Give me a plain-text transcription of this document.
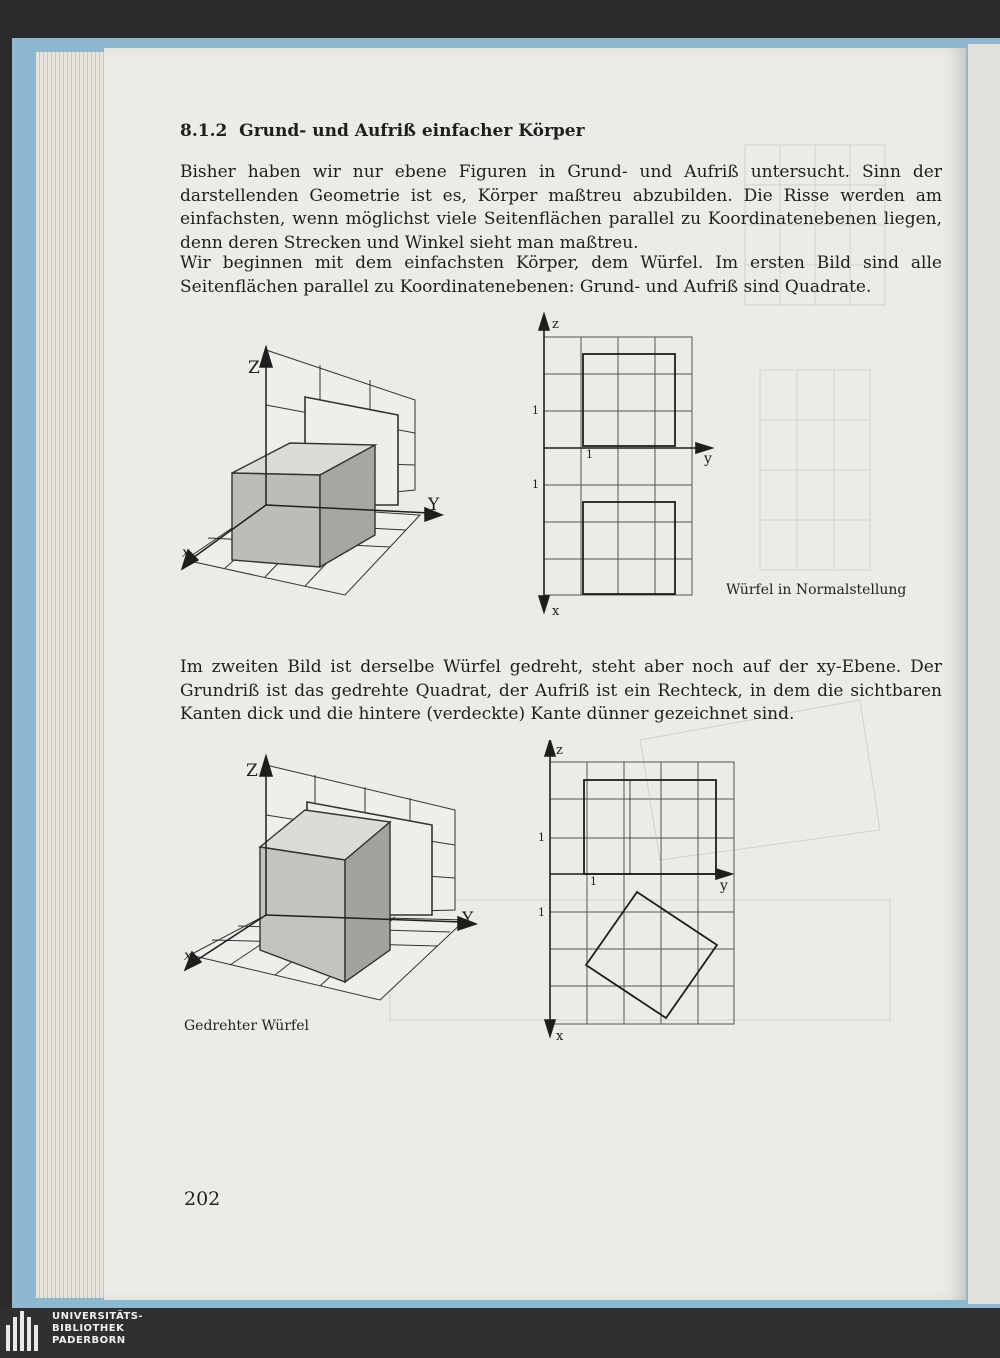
8.1.2 Grund- und Aufriß einfacher Körper

Bisher haben wir nur ebene Figuren in Grund- und Aufriß untersucht. Sinn der darstellenden Geometrie ist es, Körper maßtreu abzubilden. Die Risse werden am einfachsten, wenn möglichst viele Seitenflächen parallel zu Koordinatenebenen liegen, denn deren Strecken und Winkel sieht man maßtreu.

Wir beginnen mit dem einfachsten Körper, dem Würfel. Im ersten Bild sind alle Seitenflächen parallel zu Koordinatenebenen: Grund- und Aufriß sind Quadrate.

Z
Y
x
z
y
x
1
1
1
Würfel in Normalstellung

Im zweiten Bild ist derselbe Würfel gedreht, steht aber noch auf der xy-Ebene. Der Grundriß ist das gedrehte Quadrat, der Aufriß ist ein Rechteck, in dem die sichtbaren Kanten dick und die hintere (verdeckte) Kante dünner gezeichnet sind.

Z
Y
x
Gedrehter Würfel
z
y
x
1
1
1
202
UNIVERSITÄTS-
BIBLIOTHEK
PADERBORN
